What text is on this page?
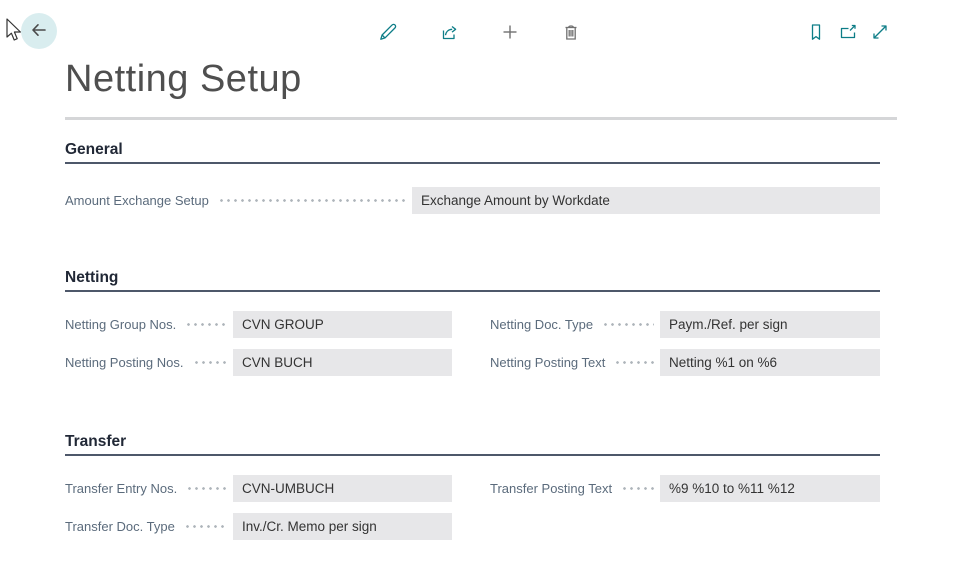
Netting Setup
General
Amount Exchange Setup	Exchange Amount by Workdate
Netting
Netting Group Nos.	CVN GROUP
Netting Posting Nos.	CVN BUCH
Netting Doc. Type	Paym./Ref. per sign
Netting Posting Text	Netting %1 on %6
Transfer
Transfer Entry Nos.	CVN-UMBUCH
Transfer Doc. Type	Inv./Cr. Memo per sign
Transfer Posting Text	%9 %10 to %11 %12
